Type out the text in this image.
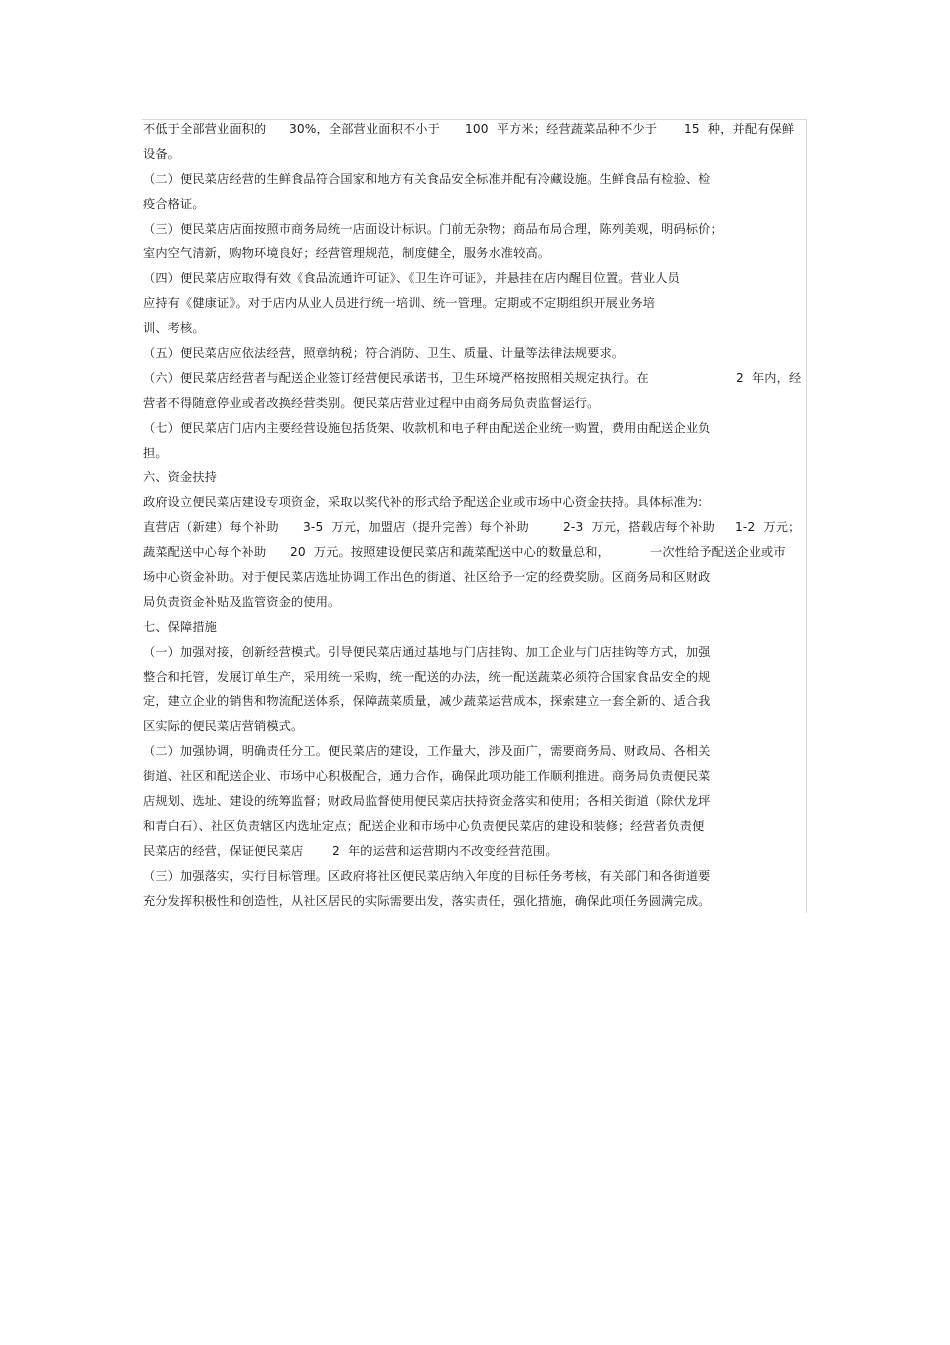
不低于全部营业面积的

30%，全部营业面积不小于

100  平方米；经营蔬菜品种不少于

15  种，并配有保鲜

设备。
（二）便民菜店经营的生鲜食品符合国家和地方有关食品安全标准并配有冷藏设施。生鲜食品有检验、检
疫合格证。
（三）便民菜店店面按照市商务局统一店面设计标识。门前无杂物；商品布局合理，陈列美观，明码标价；
室内空气清新，购物环境良好；经营管理规范，制度健全，服务水准较高。
（四）便民菜店应取得有效《食品流通许可证》、《卫生许可证》，并悬挂在店内醒目位置。营业人员
应持有《健康证》。对于店内从业人员进行统一培训、统一管理。定期或不定期组织开展业务培
训、考核。
（五）便民菜店应依法经营，照章纳税；符合消防、卫生、质量、计量等法律法规要求。

（六）便民菜店经营者与配送企业签订经营便民承诺书，卫生环境严格按照相关规定执行。在

	2  年内，经

营者不得随意停业或者改换经营类别。便民菜店营业过程中由商务局负责监督运行。
（七）便民菜店门店内主要经营设施包括货架、收款机和电子秤由配送企业统一购置，费用由配送企业负
担。
六、资金扶持
政府设立便民菜店建设专项资金，采取以奖代补的形式给予配送企业或市场中心资金扶持。具体标准为:

直营店（新建）每个补助

3-5  万元，加盟店（提升完善）每个补助

	2-3  万元，搭载店每个补助

1-2  万元；

蔬菜配送中心每个补助

20  万元。按照建设便民菜店和蔬菜配送中心的数量总和，

	一次性给予配送企业或市

场中心资金补助。对于便民菜店选址协调工作出色的街道、社区给予一定的经费奖励。区商务局和区财政
局负责资金补贴及监管资金的使用。
七、保障措施
（一）加强对接，创新经营模式。引导便民菜店通过基地与门店挂钩、加工企业与门店挂钩等方式，加强
整合和托管，发展订单生产，采用统一采购，统一配送的办法，统一配送蔬菜必须符合国家食品安全的规
定，建立企业的销售和物流配送体系，保障蔬菜质量，减少蔬菜运营成本，探索建立一套全新的、适合我
区实际的便民菜店营销模式。
（二）加强协调，明确责任分工。便民菜店的建设，工作量大，涉及面广，需要商务局、财政局、各相关
街道、社区和配送企业、市场中心积极配合，通力合作，确保此项功能工作顺利推进。商务局负责便民菜
店规划、选址、建设的统筹监督；财政局监督使用便民菜店扶持资金落实和使用；各相关街道（除伏龙坪
和青白石）、社区负责辖区内选址定点；配送企业和市场中心负责便民菜店的建设和装修；经营者负责便

民菜店的经营，保证便民菜店

2  年的运营和运营期内不改变经营范围。

（三）加强落实，实行目标管理。区政府将社区便民菜店纳入年度的目标任务考核，有关部门和各街道要
充分发挥积极性和创造性，从社区居民的实际需要出发，落实责任，强化措施，确保此项任务圆满完成。
